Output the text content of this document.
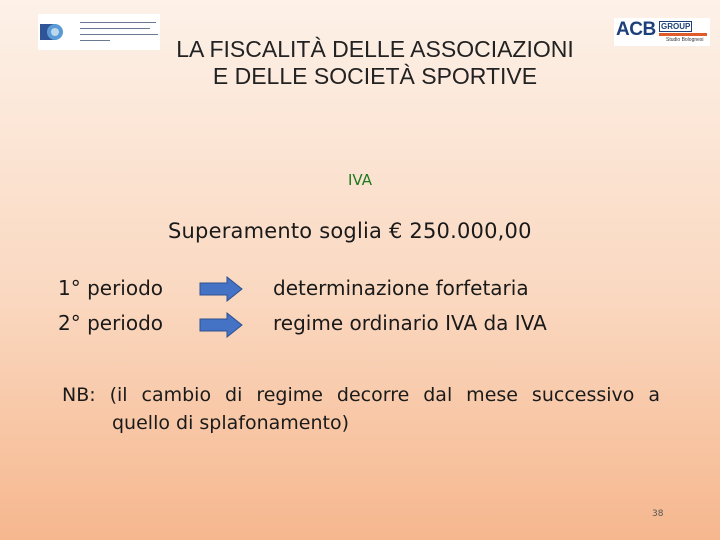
ACB GROUP
Studio Bolognesi
LA FISCALITÀ DELLE ASSOCIAZIONI
E DELLE SOCIETÀ SPORTIVE
IVA
Superamento soglia € 250.000,00
1° periodo	determinazione forfetaria
2° periodo	regime ordinario IVA da IVA
NB: (il cambio di regime decorre dal mese successivo a
quello di splafonamento)
38
